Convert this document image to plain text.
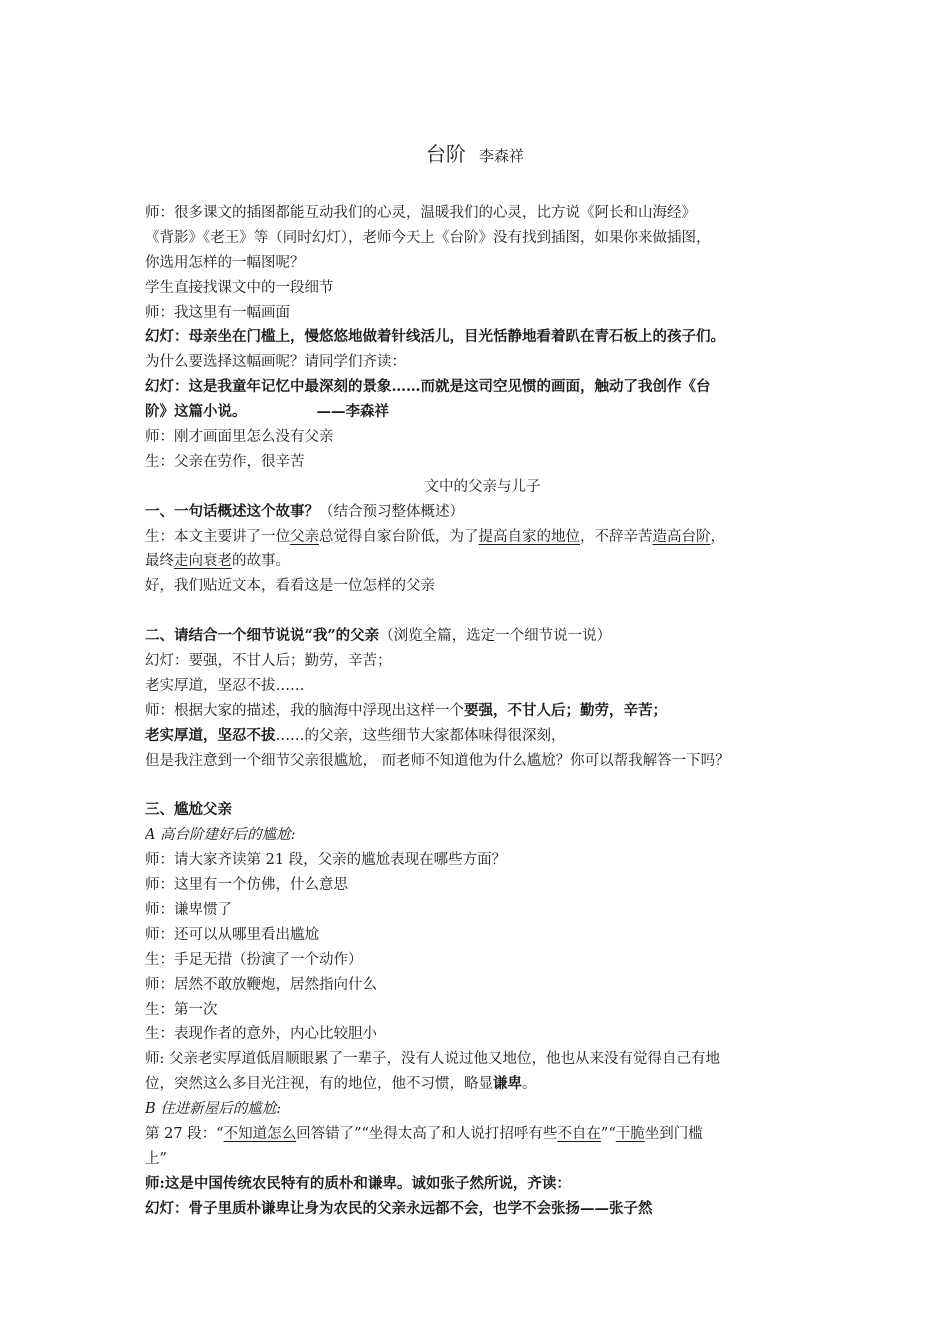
台阶 李森祥
师：很多课文的插图都能互动我们的心灵，温暖我们的心灵，比方说《阿长和山海经》
《背影》《老王》等（同时幻灯），老师今天上《台阶》没有找到插图，如果你来做插图，
你选用怎样的一幅图呢？
学生直接找课文中的一段细节
师：我这里有一幅画面
幻灯：母亲坐在门槛上，慢悠悠地做着针线活儿，目光恬静地看着趴在青石板上的孩子们。
为什么要选择这幅画呢？请同学们齐读：
幻灯：这是我童年记忆中最深刻的景象……而就是这司空见惯的画面，触动了我创作《台
阶》这篇小说。	——李森祥
师：刚才画面里怎么没有父亲
生：父亲在劳作，很辛苦
文中的父亲与儿子
一、一句话概述这个故事？（结合预习整体概述）
生：本文主要讲了一位父亲总觉得自家台阶低，为了提高自家的地位，不辞辛苦造高台阶，
最终走向衰老的故事。
好，我们贴近文本，看看这是一位怎样的父亲
二、请结合一个细节说说“我”的父亲（浏览全篇，选定一个细节说一说）
幻灯：要强，不甘人后；勤劳，辛苦；
老实厚道，坚忍不拔……
师：根据大家的描述，我的脑海中浮现出这样一个要强，不甘人后；勤劳，辛苦；
老实厚道，坚忍不拔……的父亲，这些细节大家都体味得很深刻，
但是我注意到一个细节父亲很尴尬， 而老师不知道他为什么尴尬？你可以帮我解答一下吗？
三、尴尬父亲
A 高台阶建好后的尴尬:
师：请大家齐读第 21 段，父亲的尴尬表现在哪些方面？
师：这里有一个仿佛，什么意思
师：谦卑惯了
师：还可以从哪里看出尴尬
生：手足无措（扮演了一个动作）
师：居然不敢放鞭炮，居然指向什么
生：第一次
生：表现作者的意外，内心比较胆小
师: 父亲老实厚道低眉顺眼累了一辈子，没有人说过他又地位，他也从来没有觉得自己有地
位，突然这么多目光注视，有的地位，他不习惯，略显谦卑。
B 住进新屋后的尴尬:
第 27 段：“不知道怎么回答错了”“坐得太高了和人说打招呼有些不自在”“干脆坐到门槛
上”
师:这是中国传统农民特有的质朴和谦卑。诚如张子然所说，齐读：
幻灯：骨子里质朴谦卑让身为农民的父亲永远都不会，也学不会张扬——张子然
